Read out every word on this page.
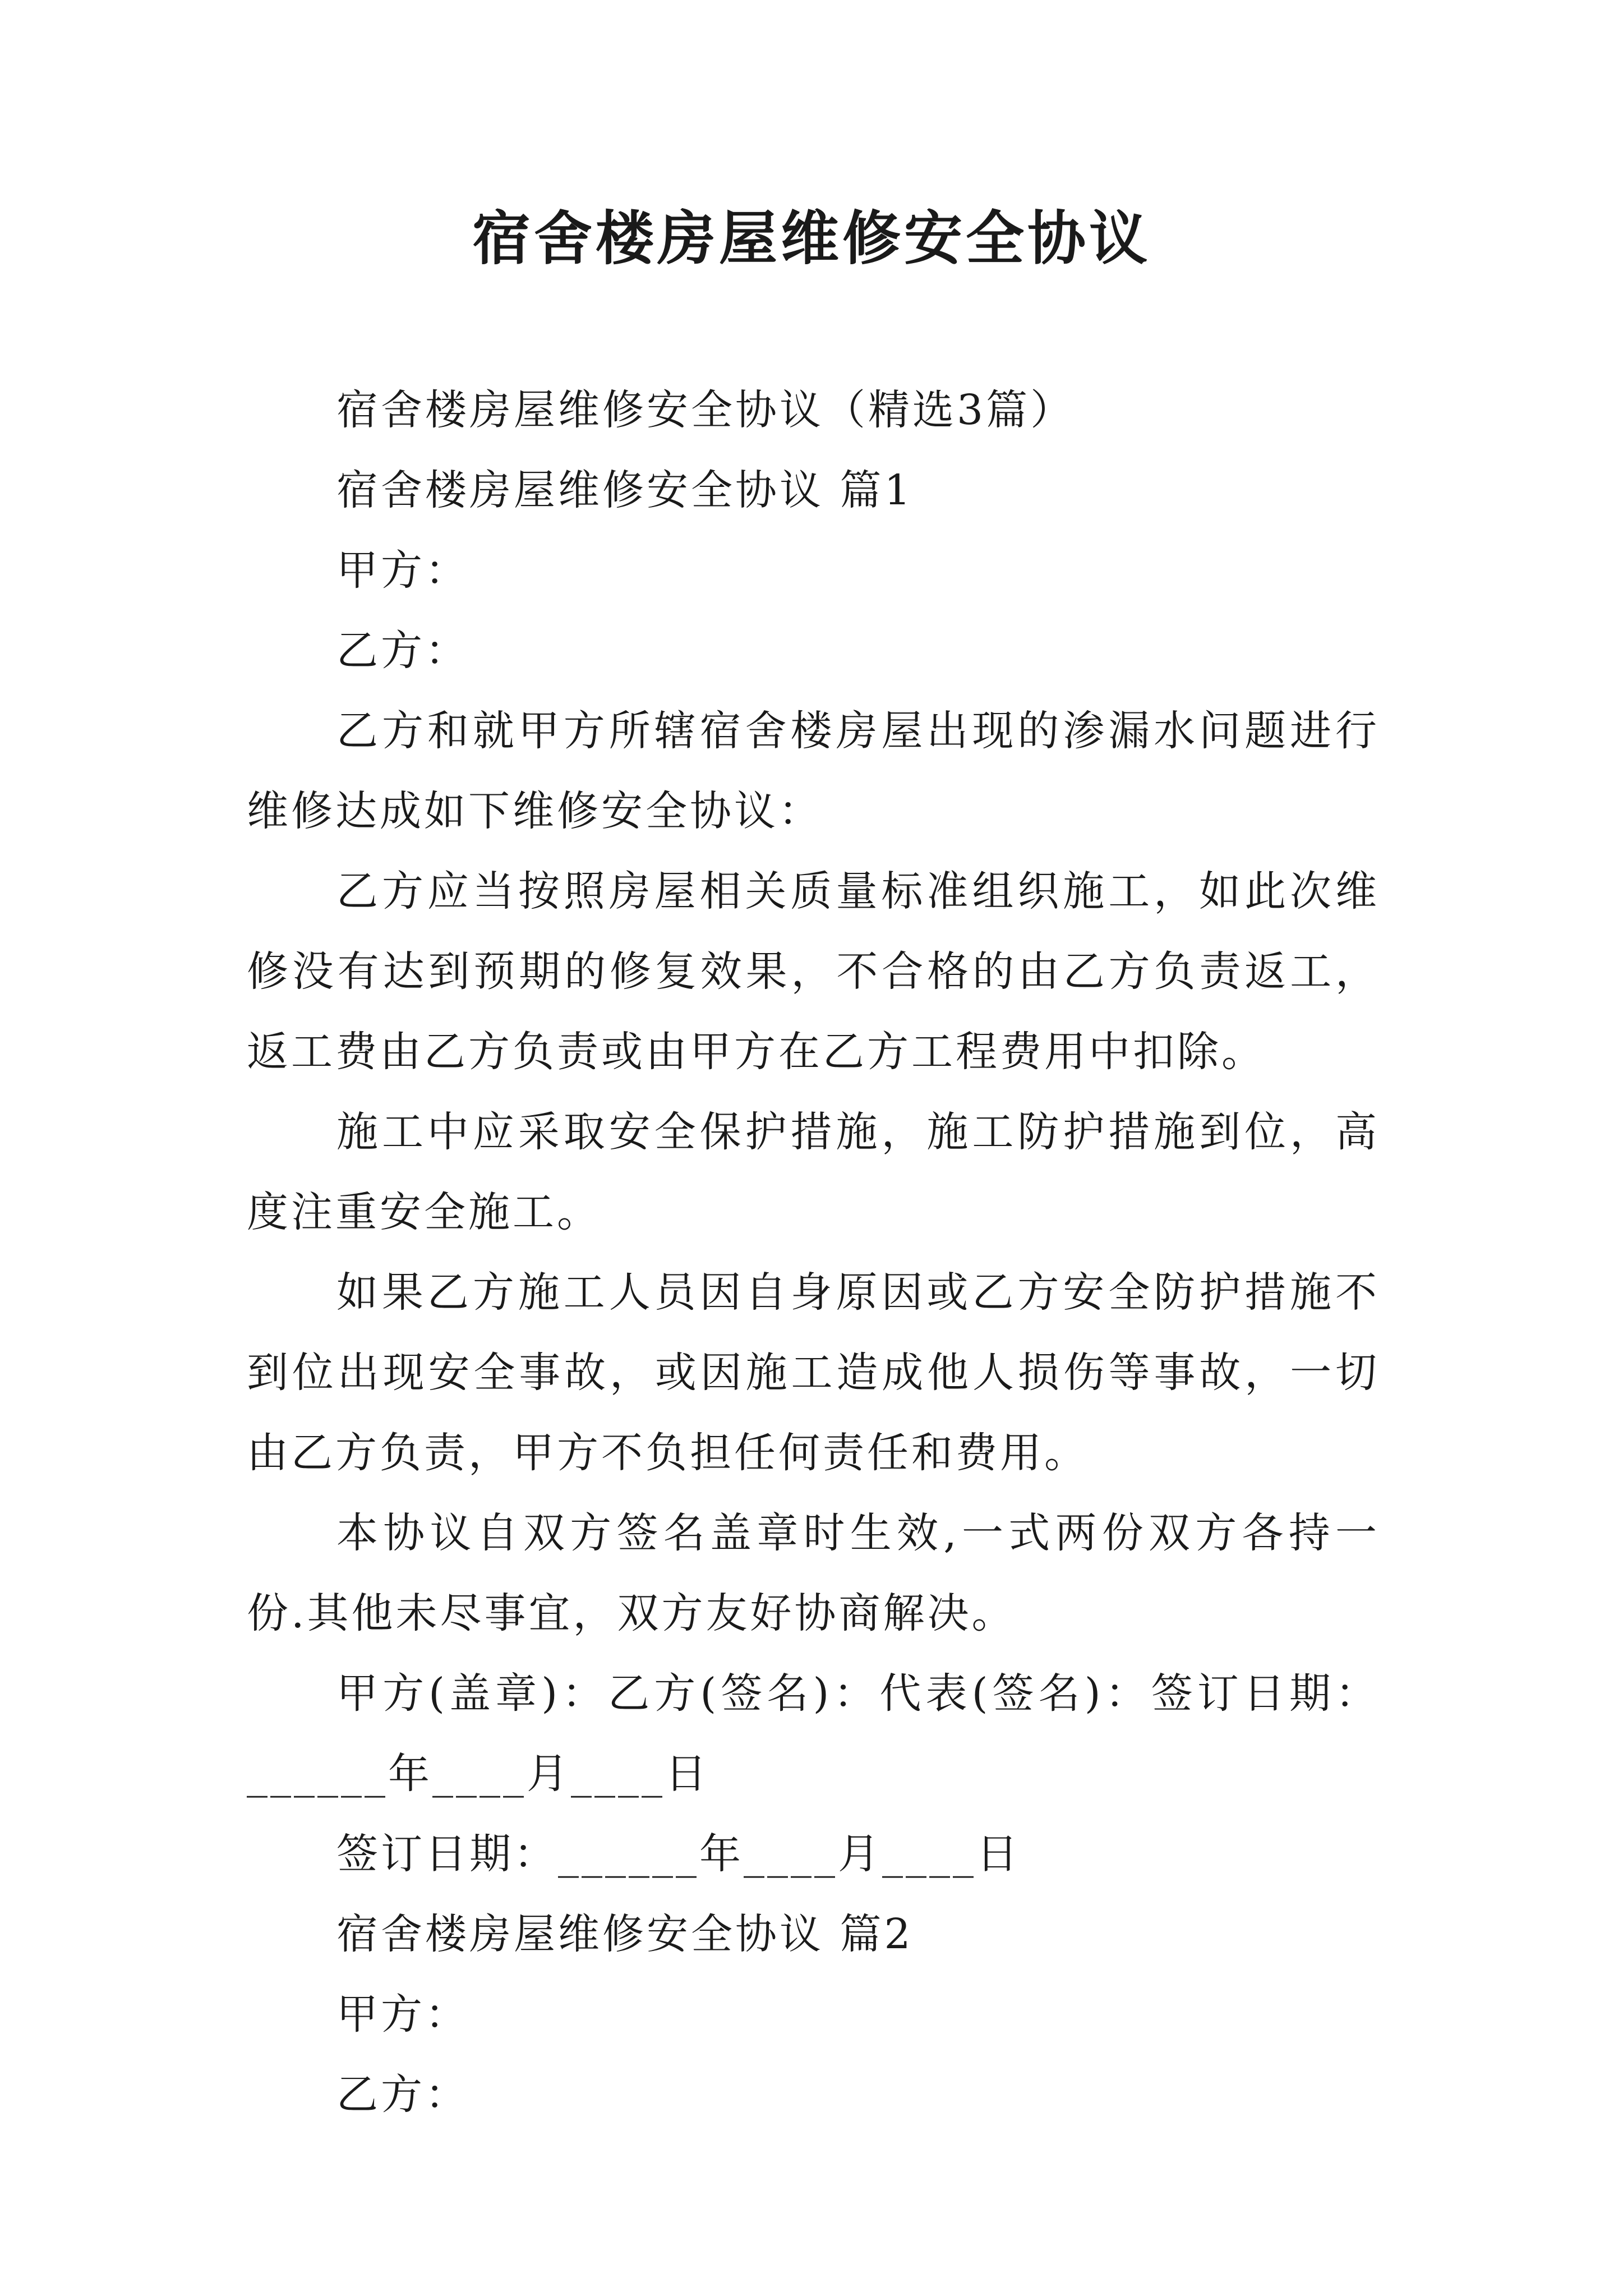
宿舍楼房屋维修安全协议

宿舍楼房屋维修安全协议（精选3篇）

宿舍楼房屋维修安全协议 篇1

甲方：

乙方：

乙方和就甲方所辖宿舍楼房屋出现的渗漏水问题进行维修达成如下维修安全协议：

乙方应当按照房屋相关质量标准组织施工，如此次维修没有达到预期的修复效果，不合格的由乙方负责返工，返工费由乙方负责或由甲方在乙方工程费用中扣除。

施工中应采取安全保护措施，施工防护措施到位，高度注重安全施工。

如果乙方施工人员因自身原因或乙方安全防护措施不到位出现安全事故，或因施工造成他人损伤等事故，一切由乙方负责，甲方不负担任何责任和费用。

本协议自双方签名盖章时生效,一式两份双方各持一份.其他未尽事宜，双方友好协商解决。

甲方(盖章)：乙方(签名)：代表(签名)：签订日期：______年____月____日

签订日期：______年____月____日

宿舍楼房屋维修安全协议 篇2

甲方：

乙方：
